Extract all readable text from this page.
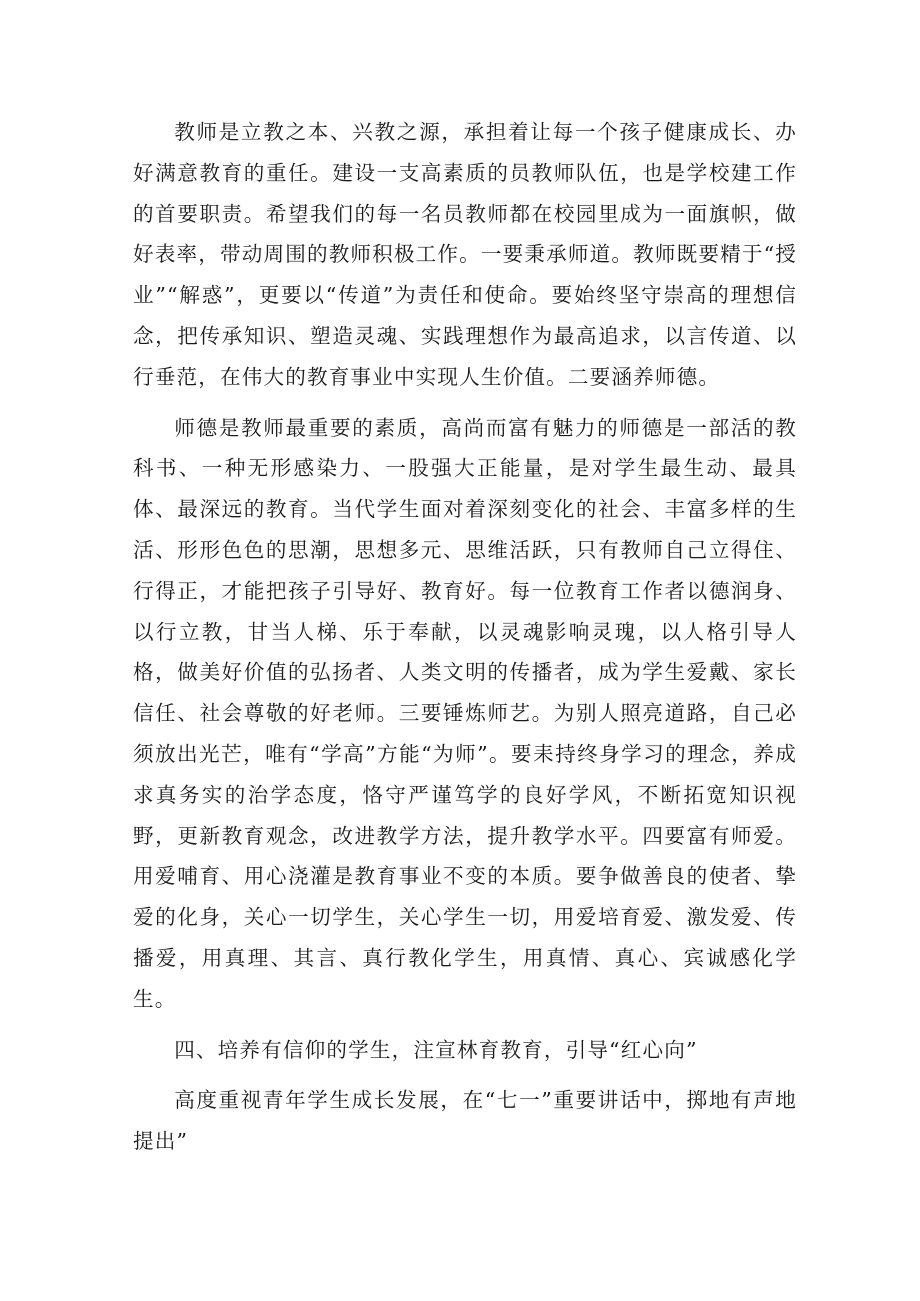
教师是立教之本、兴教之源，承担着让每一个孩子健康成长、办好满意教育的重任。建设一支高素质的员教师队伍，也是学校建工作的首要职责。希望我们的每一名员教师都在校园里成为一面旗帜，做好表率，带动周围的教师积极工作。一要秉承师道。教师既要精于“授业”“解惑”，更要以“传道”为责任和使命。要始终坚守崇高的理想信念，把传承知识、塑造灵魂、实践理想作为最高追求，以言传道、以行垂范，在伟大的教育事业中实现人生价值。二要涵养师德。

师德是教师最重要的素质，高尚而富有魅力的师德是一部活的教科书、一种无形感染力、一股强大正能量，是对学生最生动、最具体、最深远的教育。当代学生面对着深刻变化的社会、丰富多样的生活、形形色色的思潮，思想多元、思维活跃，只有教师自己立得住、行得正，才能把孩子引导好、教育好。每一位教育工作者以德润身、以行立教，甘当人梯、乐于奉献，以灵魂影响灵瑰，以人格引导人格，做美好价值的弘扬者、人类文明的传播者，成为学生爱戴、家长信任、社会尊敬的好老师。三要锤炼师艺。为别人照亮道路，自己必须放出光芒，唯有“学高”方能“为师”。要耒持终身学习的理念，养成求真务实的治学态度，恪守严谨笃学的良好学风，不断拓宽知识视野，更新教育观念，改进教学方法，提升教学水平。四要富有师爱。用爱哺育、用心浇灌是教育事业不变的本质。要争做善良的使者、挚爱的化身，关心一切学生，关心学生一切，用爱培育爱、激发爱、传播爱，用真理、其言、真行教化学生，用真情、真心、宾诚感化学生。

四、培养有信仰的学生，注宣林育教育，引导“红心向”

高度重视青年学生成长发展，在“七一”重要讲话中，掷地有声地提出”
